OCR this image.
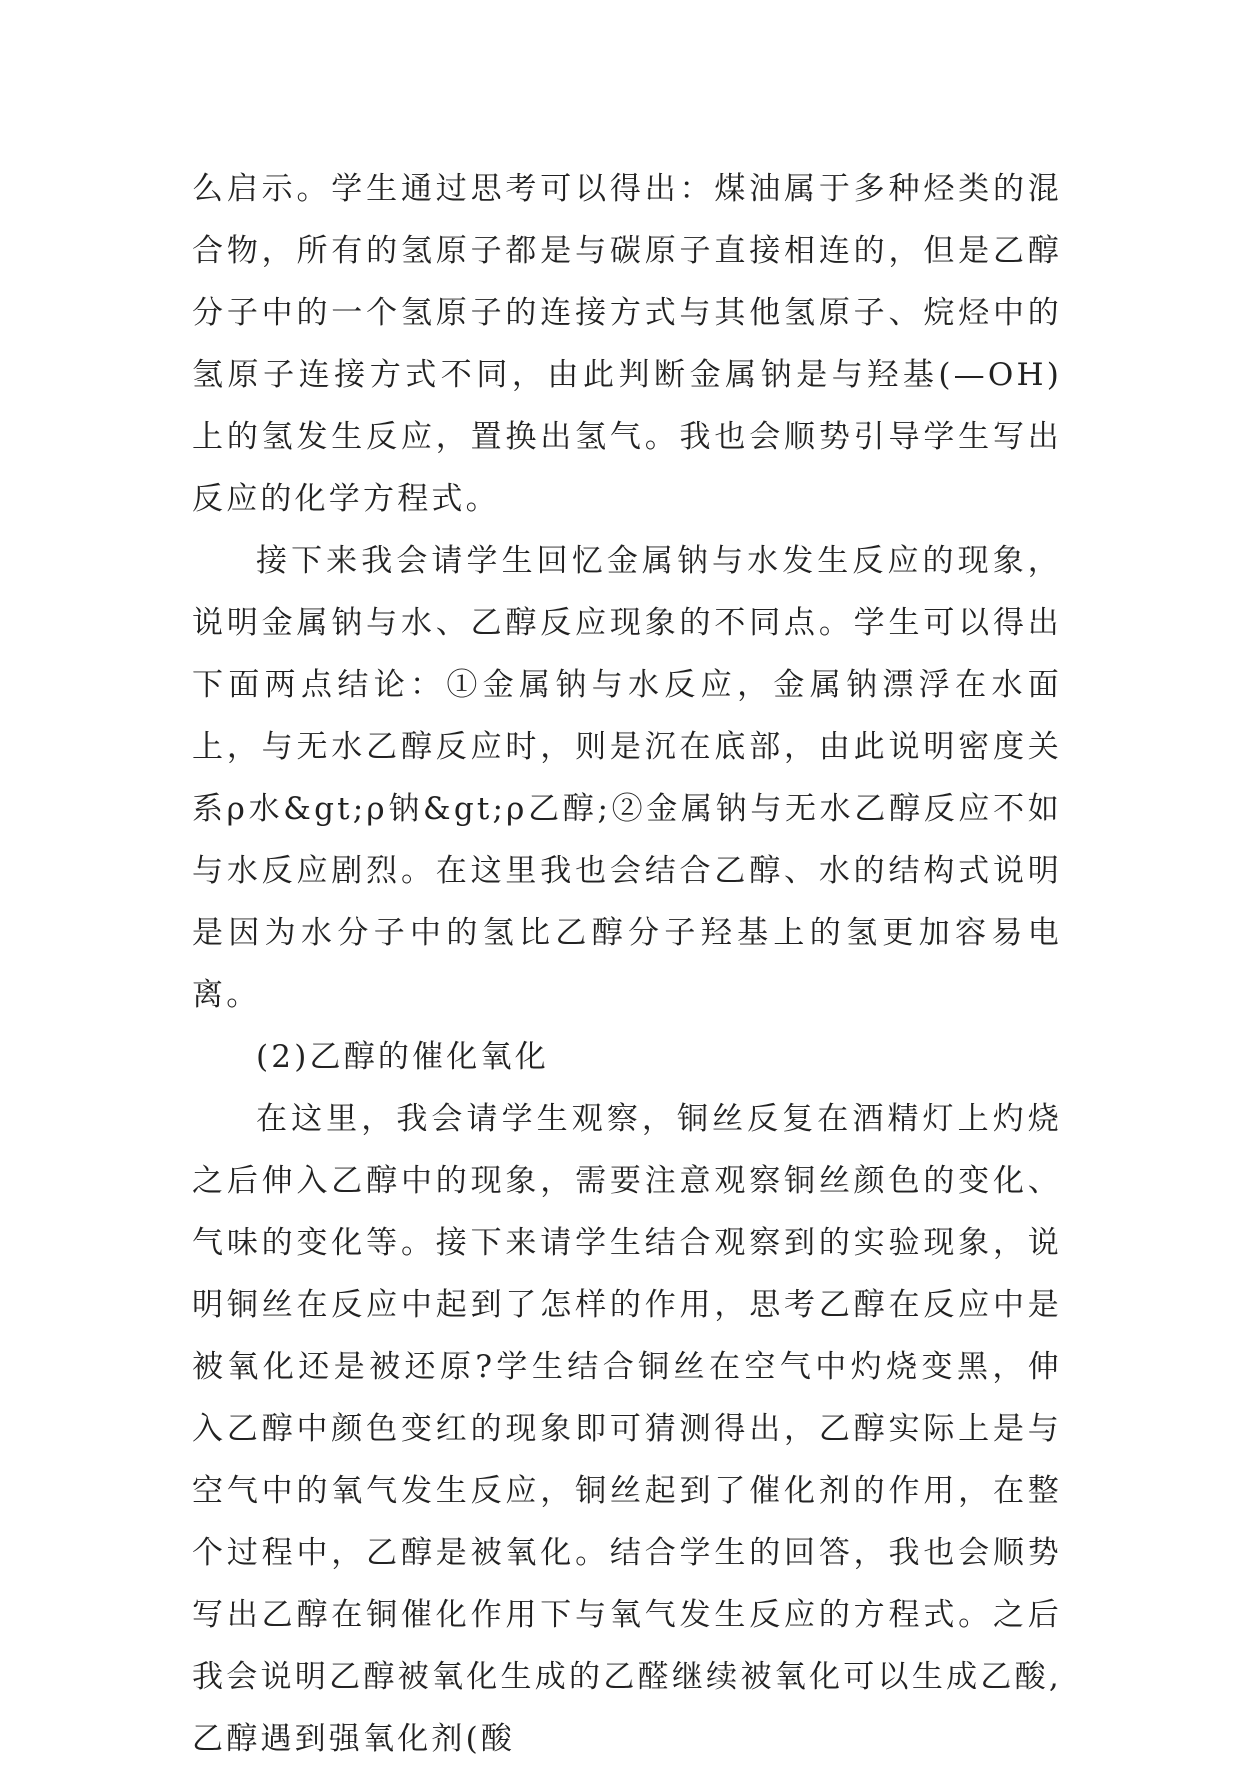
么启示。学生通过思考可以得出：煤油属于多种烃类的混合物，所有的氢原子都是与碳原子直接相连的，但是乙醇分子中的一个氢原子的连接方式与其他氢原子、烷烃中的氢原子连接方式不同，由此判断金属钠是与羟基(—OH)上的氢发生反应，置换出氢气。我也会顺势引导学生写出反应的化学方程式。

接下来我会请学生回忆金属钠与水发生反应的现象，说明金属钠与水、乙醇反应现象的不同点。学生可以得出下面两点结论：①金属钠与水反应，金属钠漂浮在水面上，与无水乙醇反应时，则是沉在底部，由此说明密度关系ρ水&gt;ρ钠&gt;ρ乙醇;②金属钠与无水乙醇反应不如与水反应剧烈。在这里我也会结合乙醇、水的结构式说明是因为水分子中的氢比乙醇分子羟基上的氢更加容易电离。

(2)乙醇的催化氧化

在这里，我会请学生观察，铜丝反复在酒精灯上灼烧之后伸入乙醇中的现象，需要注意观察铜丝颜色的变化、气味的变化等。接下来请学生结合观察到的实验现象，说明铜丝在反应中起到了怎样的作用，思考乙醇在反应中是被氧化还是被还原?学生结合铜丝在空气中灼烧变黑，伸入乙醇中颜色变红的现象即可猜测得出，乙醇实际上是与空气中的氧气发生反应，铜丝起到了催化剂的作用，在整个过程中，乙醇是被氧化。结合学生的回答，我也会顺势写出乙醇在铜催化作用下与氧气发生反应的方程式。之后我会说明乙醇被氧化生成的乙醛继续被氧化可以生成乙酸,乙醇遇到强氧化剂(酸
